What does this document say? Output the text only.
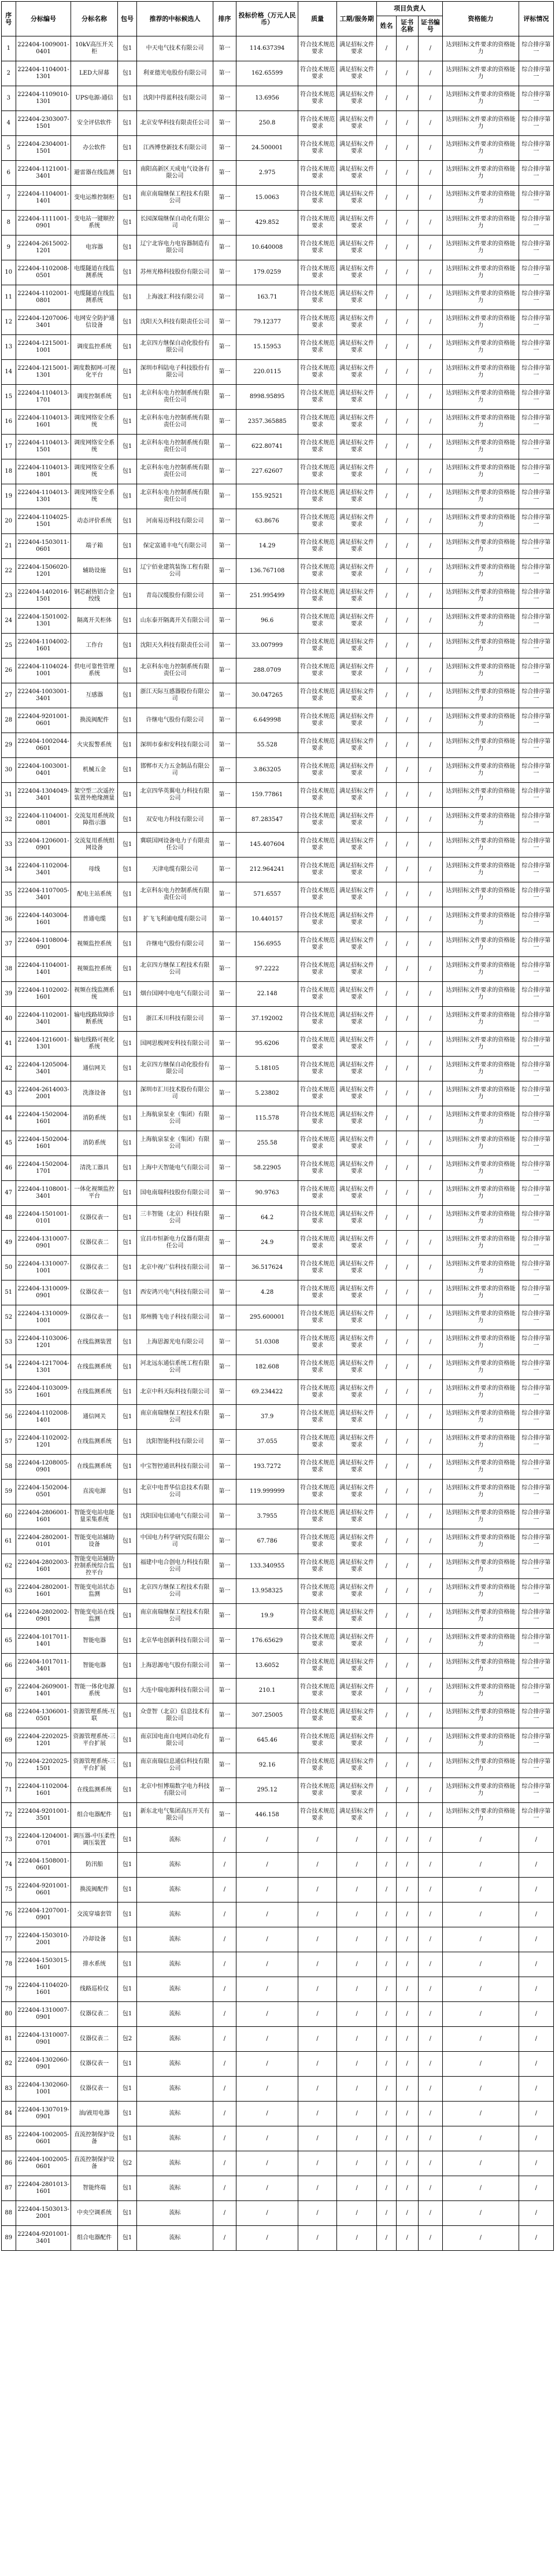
序号	分标编号	分标名称	包号	推荐的中标候选人	排序	投标价格（万元人民币）	质量	工期/服务期	项目负责人			资格能力	评标情况
									姓名	证书名称	证书编号		
1	222404-1009001-0401	10kV高压开关柜	包1	中天电气技术有限公司	第一	114.637394	符合技术规范要求	满足招标文件要求	/	/	/	达到招标文件要求的资格能力	综合排序第一
2	222404-1104001-1301	LED大屏幕	包1	利亚德光电股份有限公司	第一	162.65599	符合技术规范要求	满足招标文件要求	/	/	/	达到招标文件要求的资格能力	综合排序第一
3	222404-1109010-1301	UPS电源-通信	包1	沈阳中得蓝科技有限公司	第一	13.6956	符合技术规范要求	满足招标文件要求	/	/	/	达到招标文件要求的资格能力	综合排序第一
4	222404-2303007-1501	安全评估软件	包1	北京安华科技有限责任公司	第一	250.8	符合技术规范要求	满足招标文件要求	/	/	/	达到招标文件要求的资格能力	综合排序第一
5	222404-2304001-1501	办公软件	包1	江西博登新技术有限公司	第一	24.500001	符合技术规范要求	满足招标文件要求	/	/	/	达到招标文件要求的资格能力	综合排序第一
6	222404-1121001-3401	避雷器在线监测	包1	南阳高新区天成电气设备有限公司	第一	2.975	符合技术规范要求	满足招标文件要求	/	/	/	达到招标文件要求的资格能力	综合排序第一
7	222404-1104001-1401	变电运维控制柜	包1	南京南瑞继保工程技术有限公司	第一	15.0063	符合技术规范要求	满足招标文件要求	/	/	/	达到招标文件要求的资格能力	综合排序第一
8	222404-1111001-0901	变电站一键顺控系统	包1	长园深瑞继保自动化有限公司	第一	429.852	符合技术规范要求	满足招标文件要求	/	/	/	达到招标文件要求的资格能力	综合排序第一
9	222404-2615002-1201	电容器	包1	辽宁北容电力电容器制造有限公司	第一	10.640008	符合技术规范要求	满足招标文件要求	/	/	/	达到招标文件要求的资格能力	综合排序第一
10	222404-1102008-0501	电缆隧道在线监测系统	包1	苏州光格科技股份有限公司	第一	179.0259	符合技术规范要求	满足招标文件要求	/	/	/	达到招标文件要求的资格能力	综合排序第一
11	222404-1102001-0801	电缆隧道在线监测系统	包1	上海波汇科技有限公司	第一	163.71	符合技术规范要求	满足招标文件要求	/	/	/	达到招标文件要求的资格能力	综合排序第一
12	222404-1207006-3401	电网安全防护通信设备	包1	沈阳天久科技有限责任公司	第一	79.12377	符合技术规范要求	满足招标文件要求	/	/	/	达到招标文件要求的资格能力	综合排序第一
13	222404-1215001-1001	调度监控系统	包1	北京四方继保自动化股份有限公司	第一	15.15953	符合技术规范要求	满足招标文件要求	/	/	/	达到招标文件要求的资格能力	综合排序第一
14	222404-1215001-1301	调度数据网-可视化平台	包1	深圳市科陆电子科技股份有限公司	第一	220.0115	符合技术规范要求	满足招标文件要求	/	/	/	达到招标文件要求的资格能力	综合排序第一
15	222404-1104013-1701	调度控制系统	包1	北京科东电力控制系统有限责任公司	第一	8998.95895	符合技术规范要求	满足招标文件要求	/	/	/	达到招标文件要求的资格能力	综合排序第一
16	222404-1104013-1601	调度网络安全系统	包1	北京科东电力控制系统有限责任公司	第一	2357.365885	符合技术规范要求	满足招标文件要求	/	/	/	达到招标文件要求的资格能力	综合排序第一
17	222404-1104013-1501	调度网络安全系统	包1	北京科东电力控制系统有限责任公司	第一	622.80741	符合技术规范要求	满足招标文件要求	/	/	/	达到招标文件要求的资格能力	综合排序第一
18	222404-1104013-1801	调度网络安全系统	包1	北京科东电力控制系统有限责任公司	第一	227.62607	符合技术规范要求	满足招标文件要求	/	/	/	达到招标文件要求的资格能力	综合排序第一
19	222404-1104013-1301	调度网络安全系统	包1	北京科东电力控制系统有限责任公司	第一	155.92521	符合技术规范要求	满足招标文件要求	/	/	/	达到招标文件要求的资格能力	综合排序第一
20	222404-1104025-1501	动态评价系统	包1	河南易迈科技有限公司	第一	63.8676	符合技术规范要求	满足招标文件要求	/	/	/	达到招标文件要求的资格能力	综合排序第一
21	222404-1503011-0601	端子箱	包1	保定富通丰电气有限公司	第一	14.29	符合技术规范要求	满足招标文件要求	/	/	/	达到招标文件要求的资格能力	综合排序第一
22	222404-1506020-1201	辅助设施	包1	辽宁佰业建筑装饰工程有限公司	第一	136.767108	符合技术规范要求	满足招标文件要求	/	/	/	达到招标文件要求的资格能力	综合排序第一
23	222404-1402016-1501	钢芯耐热铝合金绞线	包1	青岛汉缆股份有限公司	第一	251.995499	符合技术规范要求	满足招标文件要求	/	/	/	达到招标文件要求的资格能力	综合排序第一
24	222404-1501002-1301	隔离开关柜体	包1	山东泰开隔离开关有限公司	第一	96.6	符合技术规范要求	满足招标文件要求	/	/	/	达到招标文件要求的资格能力	综合排序第一
25	222404-1104002-1601	工作台	包1	沈阳天久科技有限责任公司	第一	33.007999	符合技术规范要求	满足招标文件要求	/	/	/	达到招标文件要求的资格能力	综合排序第一
26	222404-1104024-1001	供电可靠性管理系统	包1	北京科东电力控制系统有限责任公司	第一	288.0709	符合技术规范要求	满足招标文件要求	/	/	/	达到招标文件要求的资格能力	综合排序第一
27	222404-1003001-3401	互感器	包1	浙江天际互感器股份有限公司	第一	30.047265	符合技术规范要求	满足招标文件要求	/	/	/	达到招标文件要求的资格能力	综合排序第一
28	222404-9201001-0601	换流阀配件	包1	许继电气股份有限公司	第一	6.649998	符合技术规范要求	满足招标文件要求	/	/	/	达到招标文件要求的资格能力	综合排序第一
29	222404-1002044-0601	火灾报警系统	包1	深圳市泰和安科技有限公司	第一	55.528	符合技术规范要求	满足招标文件要求	/	/	/	达到招标文件要求的资格能力	综合排序第一
30	222404-1003001-0401	机械五金	包1	邯郸市天力五金制品有限公司	第一	3.863205	符合技术规范要求	满足招标文件要求	/	/	/	达到招标文件要求的资格能力	综合排序第一
31	222404-1304049-3401	架空型二次遥控装置外绝缘测量	包1	北京四华英翼电力科技有限公司	第一	159.77861	符合技术规范要求	满足招标文件要求	/	/	/	达到招标文件要求的资格能力	综合排序第一
32	222404-1104001-0801	交流复用系统故障指示器	包1	双安电力科技有限公司	第一	87.283547	符合技术规范要求	满足招标文件要求	/	/	/	达到招标文件要求的资格能力	综合排序第一
33	222404-1206001-0901	交流复用系统组网设备	包1	冀联国网设备电力子有限责任公司	第一	145.407604	符合技术规范要求	满足招标文件要求	/	/	/	达到招标文件要求的资格能力	综合排序第一
34	222404-1102004-3401	母线	包1	天津电缆有限公司	第一	212.964241	符合技术规范要求	满足招标文件要求	/	/	/	达到招标文件要求的资格能力	综合排序第一
35	222404-1107005-3401	配电主站系统	包1	北京科东电力控制系统有限责任公司	第一	571.6557	符合技术规范要求	满足招标文件要求	/	/	/	达到招标文件要求的资格能力	综合排序第一
36	222404-1403004-1601	普通电缆	包1	扩飞飞利浦电缆有限公司	第一	10.440157	符合技术规范要求	满足招标文件要求	/	/	/	达到招标文件要求的资格能力	综合排序第一
37	222404-1108004-0901	视频监控系统	包1	许继电气股份有限公司	第一	156.6955	符合技术规范要求	满足招标文件要求	/	/	/	达到招标文件要求的资格能力	综合排序第一
38	222404-1104001-1401	视频监控系统	包1	北京四方继保工程技术有限公司	第一	97.2222	符合技术规范要求	满足招标文件要求	/	/	/	达到招标文件要求的资格能力	综合排序第一
39	222404-1102002-1601	视频在线监测系统	包1	烟台国网中电电气有限公司	第一	22.148	符合技术规范要求	满足招标文件要求	/	/	/	达到招标文件要求的资格能力	综合排序第一
40	222404-1102001-3401	输电线路故障诊断系统	包1	浙江禾川科技有限公司	第一	37.192002	符合技术规范要求	满足招标文件要求	/	/	/	达到招标文件要求的资格能力	综合排序第一
41	222404-1216001-1301	输电线路可视化系统	包1	国网思极网安科技有限公司	第一	95.6206	符合技术规范要求	满足招标文件要求	/	/	/	达到招标文件要求的资格能力	综合排序第一
42	222404-1205004-3401	通信网关	包1	北京四方继保自动化股份有限公司	第一	5.18105	符合技术规范要求	满足招标文件要求	/	/	/	达到招标文件要求的资格能力	综合排序第一
43	222404-2614003-2001	洗涤设备	包1	深圳市汇川技术股份有限公司	第一	5.23802	符合技术规范要求	满足招标文件要求	/	/	/	达到招标文件要求的资格能力	综合排序第一
44	222404-1502004-1601	消防系统	包1	上海航泉泵业（集团）有限公司	第一	115.578	符合技术规范要求	满足招标文件要求	/	/	/	达到招标文件要求的资格能力	综合排序第一
45	222404-1502004-1601	消防系统	包1	上海航泉泵业（集团）有限公司	第一	255.58	符合技术规范要求	满足招标文件要求	/	/	/	达到招标文件要求的资格能力	综合排序第一
46	222404-1502004-1701	清洗工器具	包1	上海中天智能电气有限公司	第一	58.22905	符合技术规范要求	满足招标文件要求	/	/	/	达到招标文件要求的资格能力	综合排序第一
47	222404-1108001-3401	一体化视频监控平台	包1	国电南瑞科技股份有限公司	第一	90.9763	符合技术规范要求	满足招标文件要求	/	/	/	达到招标文件要求的资格能力	综合排序第一
48	222404-1501001-0101	仪器仪表一	包1	三丰智能（北京）科技有限公司	第一	64.2	符合技术规范要求	满足招标文件要求	/	/	/	达到招标文件要求的资格能力	综合排序第一
49	222404-1310007-0901	仪器仪表二	包1	宜昌市恒新电力仪器有限责任公司	第一	24.9	符合技术规范要求	满足招标文件要求	/	/	/	达到招标文件要求的资格能力	综合排序第一
50	222404-1310007-1001	仪器仪表二	包1	北京中视广信科技有限公司	第一	36.517624	符合技术规范要求	满足招标文件要求	/	/	/	达到招标文件要求的资格能力	综合排序第一
51	222404-1310009-0901	仪器仪表一	包1	西安鸿兴电气科技有限公司	第一	4.28	符合技术规范要求	满足招标文件要求	/	/	/	达到招标文件要求的资格能力	综合排序第一
52	222404-1310009-1001	仪器仪表一	包1	郑州腾飞电子科技有限公司	第一	295.600001	符合技术规范要求	满足招标文件要求	/	/	/	达到招标文件要求的资格能力	综合排序第一
53	222404-1103006-1201	在线监测装置	包1	上海思源光电有限公司	第一	51.0308	符合技术规范要求	满足招标文件要求	/	/	/	达到招标文件要求的资格能力	综合排序第一
54	222404-1217004-1301	在线监测系统	包1	河北远东通信系统工程有限公司	第一	182.608	符合技术规范要求	满足招标文件要求	/	/	/	达到招标文件要求的资格能力	综合排序第一
55	222404-1103009-1601	在线监测系统	包1	北京中科天际科技有限公司	第一	69.234422	符合技术规范要求	满足招标文件要求	/	/	/	达到招标文件要求的资格能力	综合排序第一
56	222404-1102008-1401	通信网关	包1	南京南瑞继保工程技术有限公司	第一	37.9	符合技术规范要求	满足招标文件要求	/	/	/	达到招标文件要求的资格能力	综合排序第一
57	222404-1102002-1201	在线监测系统	包1	沈阳智能科技有限公司	第一	37.055	符合技术规范要求	满足招标文件要求	/	/	/	达到招标文件要求的资格能力	综合排序第一
58	222404-1208005-0901	在线监测系统	包1	中宝智控通讯科技有限公司	第一	193.7272	符合技术规范要求	满足招标文件要求	/	/	/	达到招标文件要求的资格能力	综合排序第一
59	222404-1502004-0501	直流电源	包1	北京中电普华信息技术有限公司	第一	119.999999	符合技术规范要求	满足招标文件要求	/	/	/	达到招标文件要求的资格能力	综合排序第一
60	222404-2806001-1601	智能变电站电能量采集系统	包1	沈阳国电信通电气有限公司	第一	3.7955	符合技术规范要求	满足招标文件要求	/	/	/	达到招标文件要求的资格能力	综合排序第一
61	222404-2802001-0101	智能变电站辅助设备	包1	中国电力科学研究院有限公司	第一	67.786	符合技术规范要求	满足招标文件要求	/	/	/	达到招标文件要求的资格能力	综合排序第一
62	222404-2802003-1601	智能变电站辅助控制系统综合监控平台	包1	福建中电合创电力科技有限公司	第一	133.340955	符合技术规范要求	满足招标文件要求	/	/	/	达到招标文件要求的资格能力	综合排序第一
63	222404-2802001-1601	智能变电站状态监测	包1	北京四方继保工程技术有限公司	第一	13.958325	符合技术规范要求	满足招标文件要求	/	/	/	达到招标文件要求的资格能力	综合排序第一
64	222404-2802002-0901	智能变电站在线监测	包1	南京南瑞继保工程技术有限公司	第一	19.9	符合技术规范要求	满足招标文件要求	/	/	/	达到招标文件要求的资格能力	综合排序第一
65	222404-1017011-1401	智能电器	包1	北京华电创新科技有限公司	第一	176.65629	符合技术规范要求	满足招标文件要求	/	/	/	达到招标文件要求的资格能力	综合排序第一
66	222404-1017011-3401	智能电器	包1	上海思源电气股份有限公司	第一	13.6052	符合技术规范要求	满足招标文件要求	/	/	/	达到招标文件要求的资格能力	综合排序第一
67	222404-2609001-1401	智能一体化电源系统	包1	大连中瑞电源科技有限公司	第一	210.1	符合技术规范要求	满足招标文件要求	/	/	/	达到招标文件要求的资格能力	综合排序第一
68	222404-1306001-0501	资源管理系统-互联	包1	众壹智（北京）信息技术有限公司	第一	307.25005	符合技术规范要求	满足招标文件要求	/	/	/	达到招标文件要求的资格能力	综合排序第一
69	222404-2202025-1201	资源管理系统-三平台扩展	包1	南京国电南自电网自动化有限公司	第一	645.46	符合技术规范要求	满足招标文件要求	/	/	/	达到招标文件要求的资格能力	综合排序第一
70	222404-2202025-1501	资源管理系统-三平台扩展	包1	南京南瑞信息通信科技有限公司	第一	92.16	符合技术规范要求	满足招标文件要求	/	/	/	达到招标文件要求的资格能力	综合排序第一
71	222404-1102004-1601	在线监测系统	包1	北京中恒博瑞数字电力科技有限公司	第一	295.12	符合技术规范要求	满足招标文件要求	/	/	/	达到招标文件要求的资格能力	综合排序第一
72	222404-9201001-3501	组合电器配件	包1	新东北电气集团高压开关有限公司	第一	446.158	符合技术规范要求	满足招标文件要求	/	/	/	达到招标文件要求的资格能力	综合排序第一
73	222404-1204001-0701	调压器-中压柔性调压装置	包1	流标	/	/	/	/	/	/	/	/	/
74	222404-1508001-0601	防汛船	包1	流标	/	/	/	/	/	/	/	/	/
75	222404-9201001-0601	换流阀配件	包1	流标	/	/	/	/	/	/	/	/	/
76	222404-1207001-0901	交流穿墙套管	包1	流标	/	/	/	/	/	/	/	/	/
77	222404-1503010-2001	冷却设备	包1	流标	/	/	/	/	/	/	/	/	/
78	222404-1503015-1601	排水系统	包1	流标	/	/	/	/	/	/	/	/	/
79	222404-1104020-1601	线路巡检仪	包1	流标	/	/	/	/	/	/	/	/	/
80	222404-1310007-0901	仪器仪表二	包1	流标	/	/	/	/	/	/	/	/	/
81	222404-1310007-0901	仪器仪表二	包2	流标	/	/	/	/	/	/	/	/	/
82	222404-1302060-0901	仪器仪表一	包1	流标	/	/	/	/	/	/	/	/	/
83	222404-1302060-1001	仪器仪表一	包1	流标	/	/	/	/	/	/	/	/	/
84	222404-1307019-0901	油/液用电器	包1	流标	/	/	/	/	/	/	/	/	/
85	222404-1002005-0601	直流控制保护设备	包1	流标	/	/	/	/	/	/	/	/	/
86	222404-1002005-0601	直流控制保护设备	包2	流标	/	/	/	/	/	/	/	/	/
87	222404-2801013-1601	智能终端	包1	流标	/	/	/	/	/	/	/	/	/
88	222404-1503013-2001	中央空调系统	包1	流标	/	/	/	/	/	/	/	/	/
89	222404-9201001-3401	组合电器配件	包1	流标	/	/	/	/	/	/	/	/	/
